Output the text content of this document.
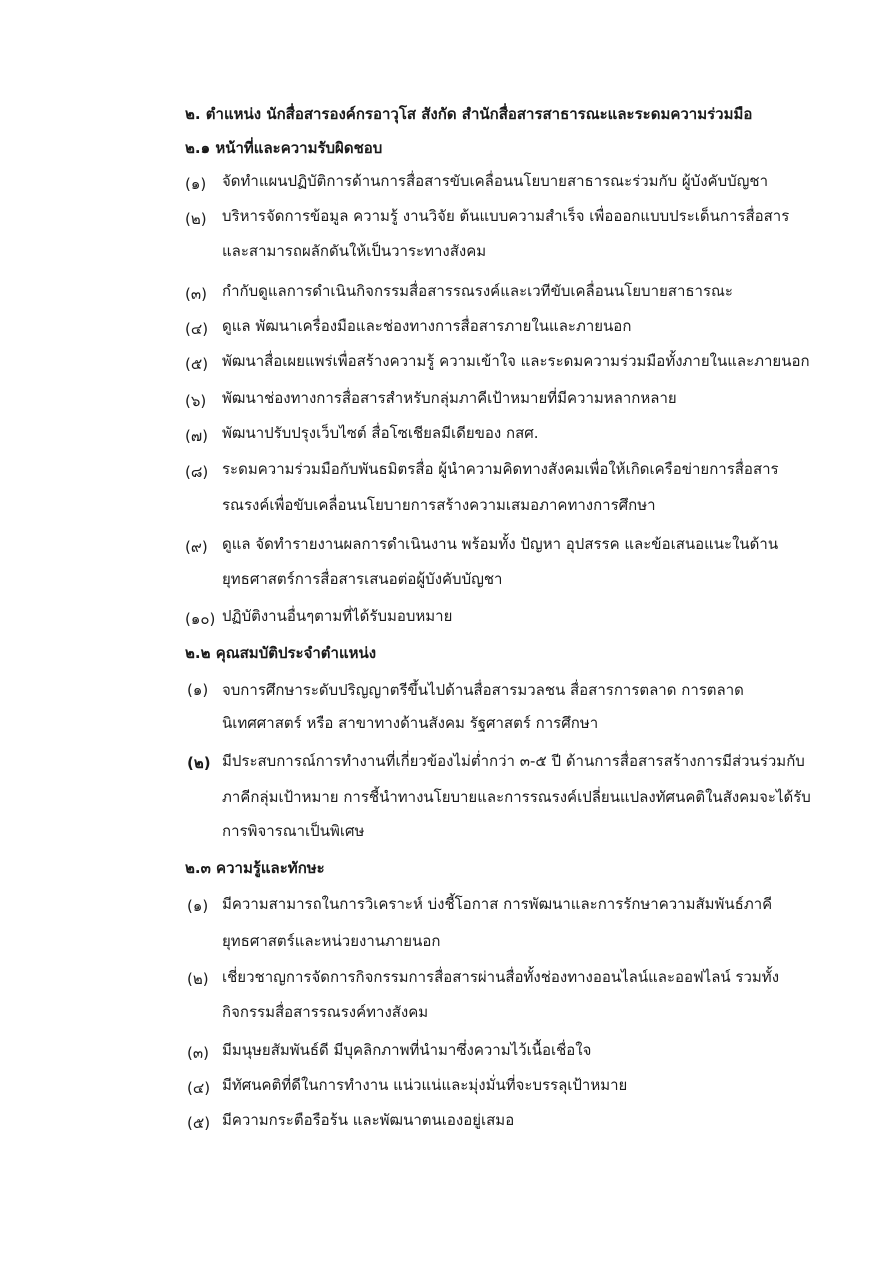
๒. ตำแหน่ง นักสื่อสารองค์กรอาวุโส สังกัด สำนักสื่อสารสาธารณะและระดมความร่วมมือ
๒.๑ หน้าที่และความรับผิดชอบ
(๑) จัดทำแผนปฏิบัติการด้านการสื่อสารขับเคลื่อนนโยบายสาธารณะร่วมกับ ผู้บังคับบัญชา
(๒) บริหารจัดการข้อมูล ความรู้ งานวิจัย ต้นแบบความสำเร็จ เพื่อออกแบบประเด็นการสื่อสาร
และสามารถผลักดันให้เป็นวาระทางสังคม
(๓) กำกับดูแลการดำเนินกิจกรรมสื่อสารรณรงค์และเวทีขับเคลื่อนนโยบายสาธารณะ
(๔) ดูแล พัฒนาเครื่องมือและช่องทางการสื่อสารภายในและภายนอก
(๕) พัฒนาสื่อเผยแพร่เพื่อสร้างความรู้ ความเข้าใจ และระดมความร่วมมือทั้งภายในและภายนอก
(๖) พัฒนาช่องทางการสื่อสารสำหรับกลุ่มภาคีเป้าหมายที่มีความหลากหลาย
(๗) พัฒนาปรับปรุงเว็บไซต์ สื่อโซเชียลมีเดียของ กสศ.
(๘) ระดมความร่วมมือกับพันธมิตรสื่อ ผู้นำความคิดทางสังคมเพื่อให้เกิดเครือข่ายการสื่อสาร
รณรงค์เพื่อขับเคลื่อนนโยบายการสร้างความเสมอภาคทางการศึกษา
(๙) ดูแล จัดทำรายงานผลการดำเนินงาน พร้อมทั้ง ปัญหา อุปสรรค และข้อเสนอแนะในด้าน
ยุทธศาสตร์การสื่อสารเสนอต่อผู้บังคับบัญชา
(๑๐) ปฏิบัติงานอื่นๆตามที่ได้รับมอบหมาย
๒.๒ คุณสมบัติประจำตำแหน่ง
(๑) จบการศึกษาระดับปริญญาตรีขึ้นไปด้านสื่อสารมวลชน สื่อสารการตลาด การตลาด
นิเทศศาสตร์ หรือ สาขาทางด้านสังคม รัฐศาสตร์ การศึกษา
(๒) มีประสบการณ์การทำงานที่เกี่ยวข้องไม่ต่ำกว่า ๓-๕ ปี ด้านการสื่อสารสร้างการมีส่วนร่วมกับ
ภาคีกลุ่มเป้าหมาย การชี้นำทางนโยบายและการรณรงค์เปลี่ยนแปลงทัศนคติในสังคมจะได้รับ
การพิจารณาเป็นพิเศษ
๒.๓ ความรู้และทักษะ
(๑) มีความสามารถในการวิเคราะห์ บ่งชี้โอกาส การพัฒนาและการรักษาความสัมพันธ์ภาคี
ยุทธศาสตร์และหน่วยงานภายนอก
(๒) เชี่ยวชาญการจัดการกิจกรรมการสื่อสารผ่านสื่อทั้งช่องทางออนไลน์และออฟไลน์ รวมทั้ง
กิจกรรมสื่อสารรณรงค์ทางสังคม
(๓) มีมนุษยสัมพันธ์ดี มีบุคลิกภาพที่นำมาซึ่งความไว้เนื้อเชื่อใจ
(๔) มีทัศนคติที่ดีในการทำงาน แน่วแน่และมุ่งมั่นที่จะบรรลุเป้าหมาย
(๕) มีความกระตือรือร้น และพัฒนาตนเองอยู่เสมอ
